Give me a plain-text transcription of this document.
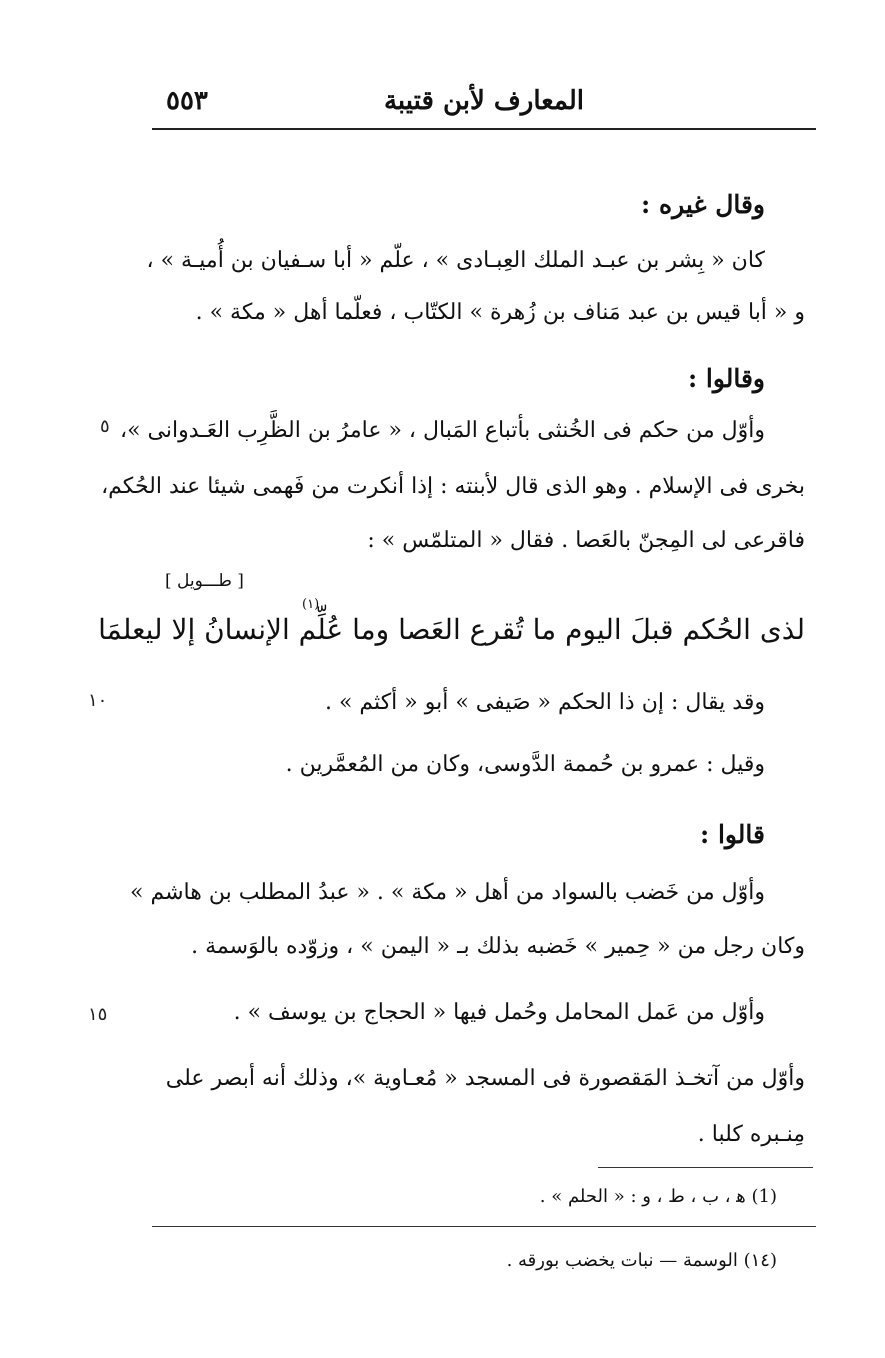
المعارف لأبن قتيبة
٥٥٣
وقال غيره :
كان « بِشر بن عبـد الملك العِبـادى » ، علّم « أبا سـفيان بن أُميـة » ،
و « أبا قيس بن عبد مَناف بن زُهرة » الكتّاب ، فعلّما أهل « مكة » .
وقالوا :
وأوّل من حكم فى الخُنثى بأتباع المَبال ، « عامرُ بن الظَّرِب العَـدوانى »،
بخرى فى الإسلام . وهو الذى قال لأبنته : إذا أنكرت من فَهمى شيئا عند الحُكم،
فاقرعى لى المِجنّ بالعَصا . فقال « المتلمّس » :
[ طـــويل ]
(١)
لذى الحُكم قبلَ اليوم ما تُقرع العَصا وما عُلِّم الإنسانُ إلا ليعلمَا
وقد يقال : إن ذا الحكم « صَيفى » أبو « أكثم » .
وقيل : عمرو بن حُممة الدَّوسى، وكان من المُعمَّرين .
قالوا :
وأوّل من خَضب بالسواد من أهل « مكة » . « عبدُ المطلب بن هاشم »
وكان رجل من « حِمير » خَضبه بذلك بـ « اليمن » ، وزوّده بالوَسمة .
وأوّل من عَمل المحامل وحُمل فيها « الحجاج بن يوسف » .
وأوّل من آتخـذ المَقصورة فى المسجد « مُعـاوية »، وذلك أنه أبصر على
مِنـبره كلبا .
٥
١٠
١٥
(1) ﻫ ، ب ، ط ، و : « الحلم » .
(١٤) الوسمة — نبات يخضب بورقه .
